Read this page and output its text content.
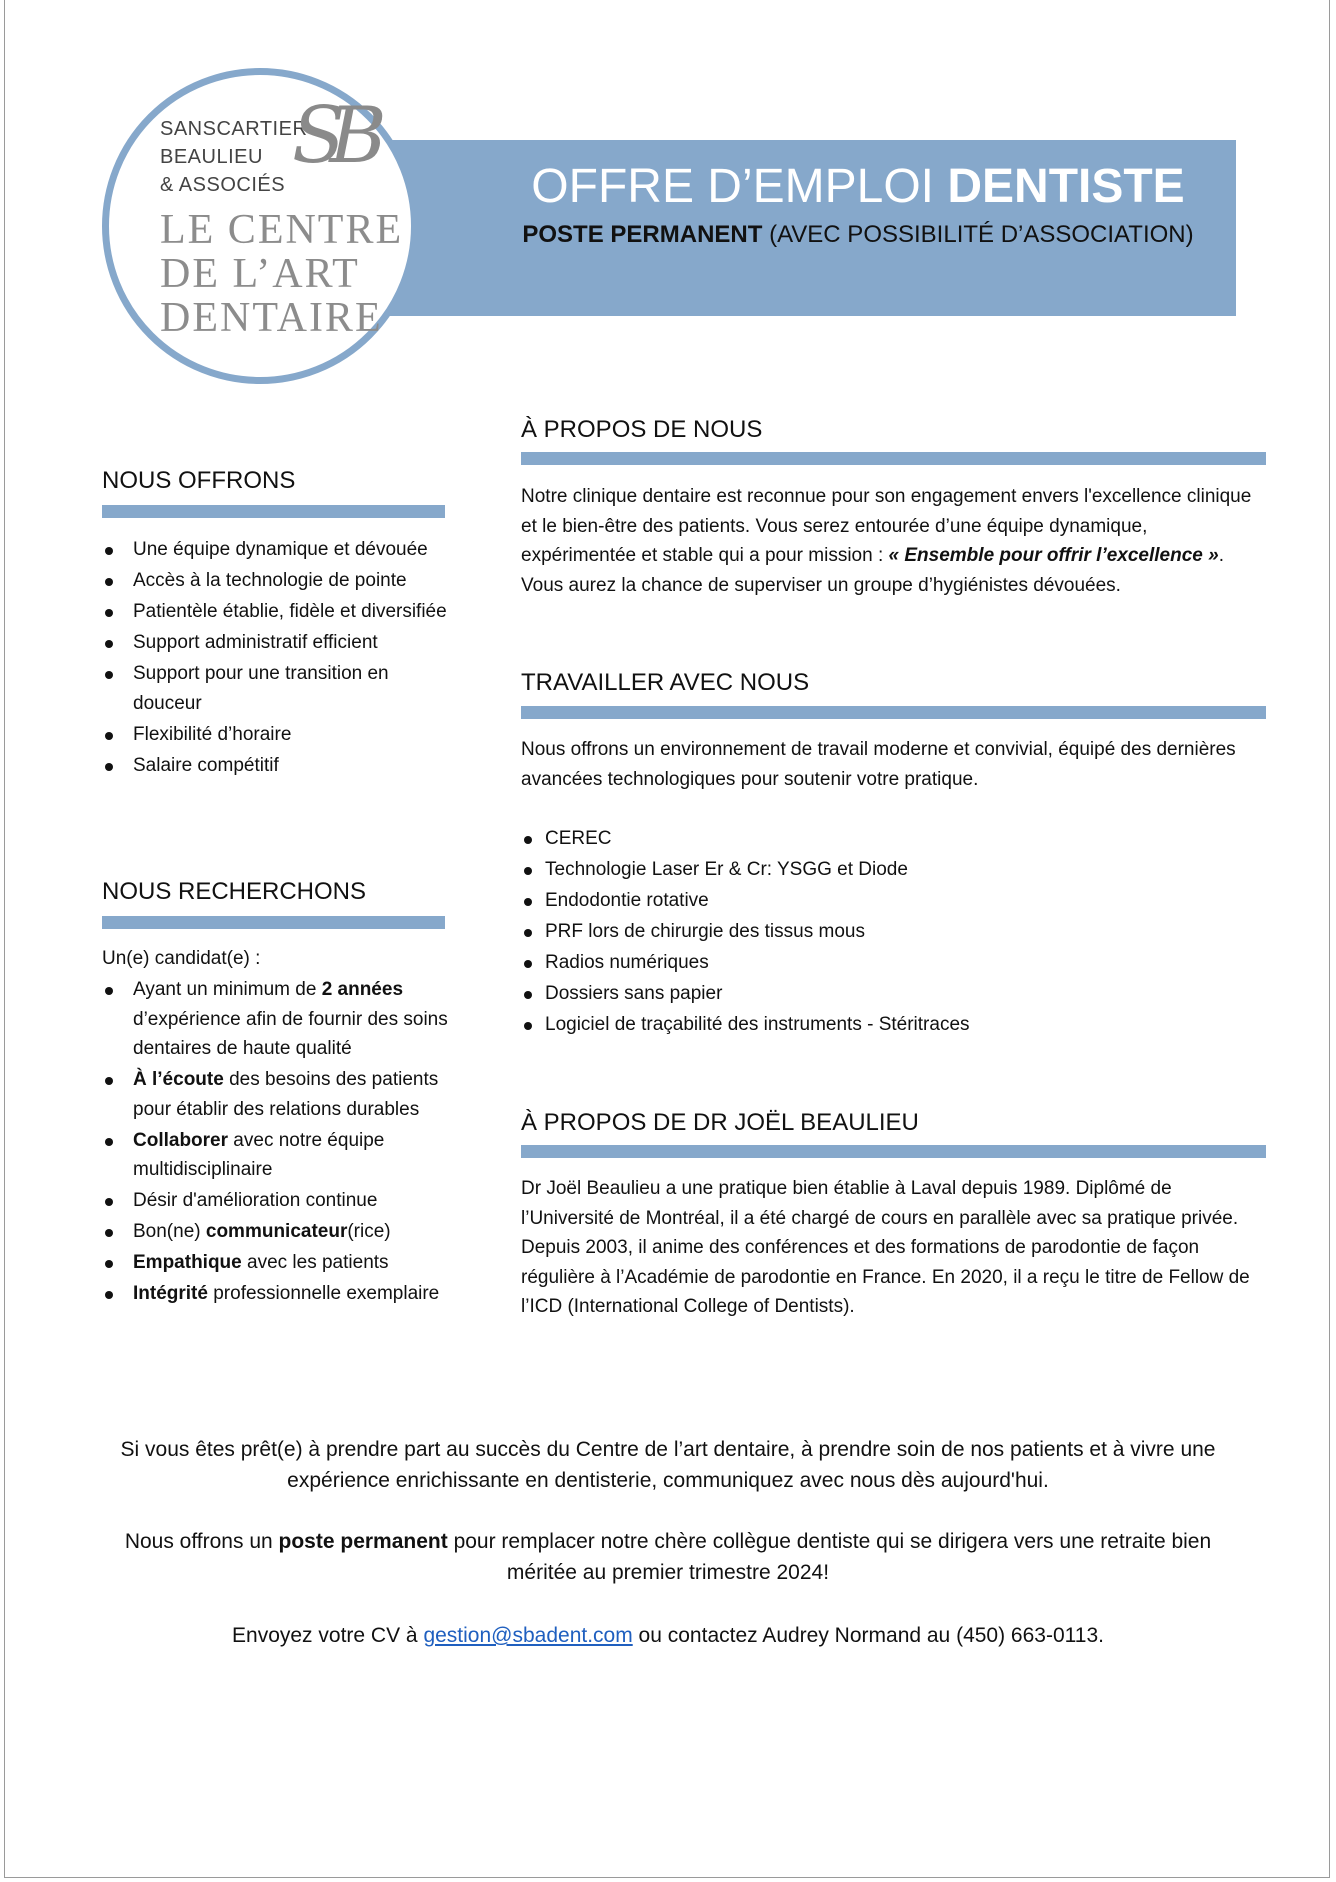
OFFRE D’EMPLOI DENTISTE
POSTE PERMANENT (AVEC POSSIBILITÉ D’ASSOCIATION)
SANSCARTIER
BEAULIEU
& ASSOCIÉS
SB
LE CENTRE
DE L’ART
DENTAIRE
NOUS OFFRONS
Une équipe dynamique et dévouée
Accès à la technologie de pointe
Patientèle établie, fidèle et diversifiée
Support administratif efficient
Support pour une transition en douceur
Flexibilité d’horaire
Salaire compétitif
NOUS RECHERCHONS
Un(e) candidat(e) :
Ayant un minimum de 2 années d’expérience afin de fournir des soins dentaires de haute qualité
À l’écoute des besoins des patients pour établir des relations durables
Collaborer avec notre équipe multidisciplinaire
Désir d'amélioration continue
Bon(ne) communicateur(rice)
Empathique avec les patients
Intégrité professionnelle exemplaire
À PROPOS DE NOUS

Notre clinique dentaire est reconnue pour son engagement envers l'excellence clinique et le bien-être des patients. Vous serez entourée d’une équipe dynamique, expérimentée et stable qui a pour mission : « Ensemble pour offrir l’excellence ». Vous aurez la chance de superviser un groupe d’hygiénistes dévouées.

TRAVAILLER AVEC NOUS

Nous offrons un environnement de travail moderne et convivial, équipé des dernières avancées technologiques pour soutenir votre pratique.

CEREC
Technologie Laser Er & Cr: YSGG et Diode
Endodontie rotative
PRF lors de chirurgie des tissus mous
Radios numériques
Dossiers sans papier
Logiciel de traçabilité des instruments - Stéritraces
À PROPOS DE DR JOËL BEAULIEU

Dr Joël Beaulieu a une pratique bien établie à Laval depuis 1989. Diplômé de l’Université de Montréal, il a été chargé de cours en parallèle avec sa pratique privée. Depuis 2003, il anime des conférences et des formations de parodontie de façon régulière à l’Académie de parodontie en France. En 2020, il a reçu le titre de Fellow de l’ICD (International College of Dentists).

Si vous êtes prêt(e) à prendre part au succès du Centre de l’art dentaire, à prendre soin de nos patients et à vivre une expérience enrichissante en dentisterie, communiquez avec nous dès aujourd'hui.

Nous offrons un poste permanent pour remplacer notre chère collègue dentiste qui se dirigera vers une retraite bien méritée au premier trimestre 2024!

Envoyez votre CV à gestion@sbadent.com ou contactez Audrey Normand au (450) 663-0113.
